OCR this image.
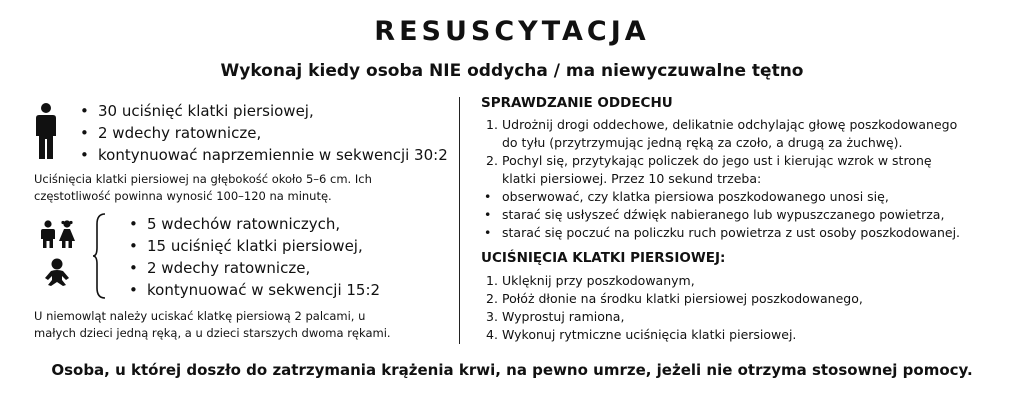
RESUSCYTACJA
Wykonaj kiedy osoba NIE oddycha / ma niewyczuwalne tętno
• 30 uciśnięć klatki piersiowej,
• 2 wdechy ratownicze,
• kontynuować naprzemiennie w sekwencji 30:2
Uciśnięcia klatki piersiowej na głębokość około 5–6 cm. Ich
częstotliwość powinna wynosić 100–120 na minutę.
• 5 wdechów ratowniczych,
• 15 uciśnięć klatki piersiowej,
• 2 wdechy ratownicze,
• kontynuować w sekwencji 15:2
U niemowląt należy uciskać klatkę piersiową 2 palcami, u
małych dzieci jedną ręką, a u dzieci starszych dwoma rękami.
SPRAWDZANIE ODDECHU
1. Udrożnij drogi oddechowe, delikatnie odchylając głowę poszkodowanego
do tyłu (przytrzymując jedną ręką za czoło, a drugą za żuchwę).
2. Pochyl się, przytykając policzek do jego ust i kierując wzrok w stronę
klatki piersiowej. Przez 10 sekund trzeba:
• obserwować, czy klatka piersiowa poszkodowanego unosi się,
• starać się usłyszeć dźwięk nabieranego lub wypuszczanego powietrza,
• starać się poczuć na policzku ruch powietrza z ust osoby poszkodowanej.
UCIŚNIĘCIA KLATKI PIERSIOWEJ:
1. Uklęknij przy poszkodowanym,
2. Połóż dłonie na środku klatki piersiowej poszkodowanego,
3. Wyprostuj ramiona,
4. Wykonuj rytmiczne uciśnięcia klatki piersiowej.
Osoba, u której doszło do zatrzymania krążenia krwi, na pewno umrze, jeżeli nie otrzyma stosownej pomocy.
